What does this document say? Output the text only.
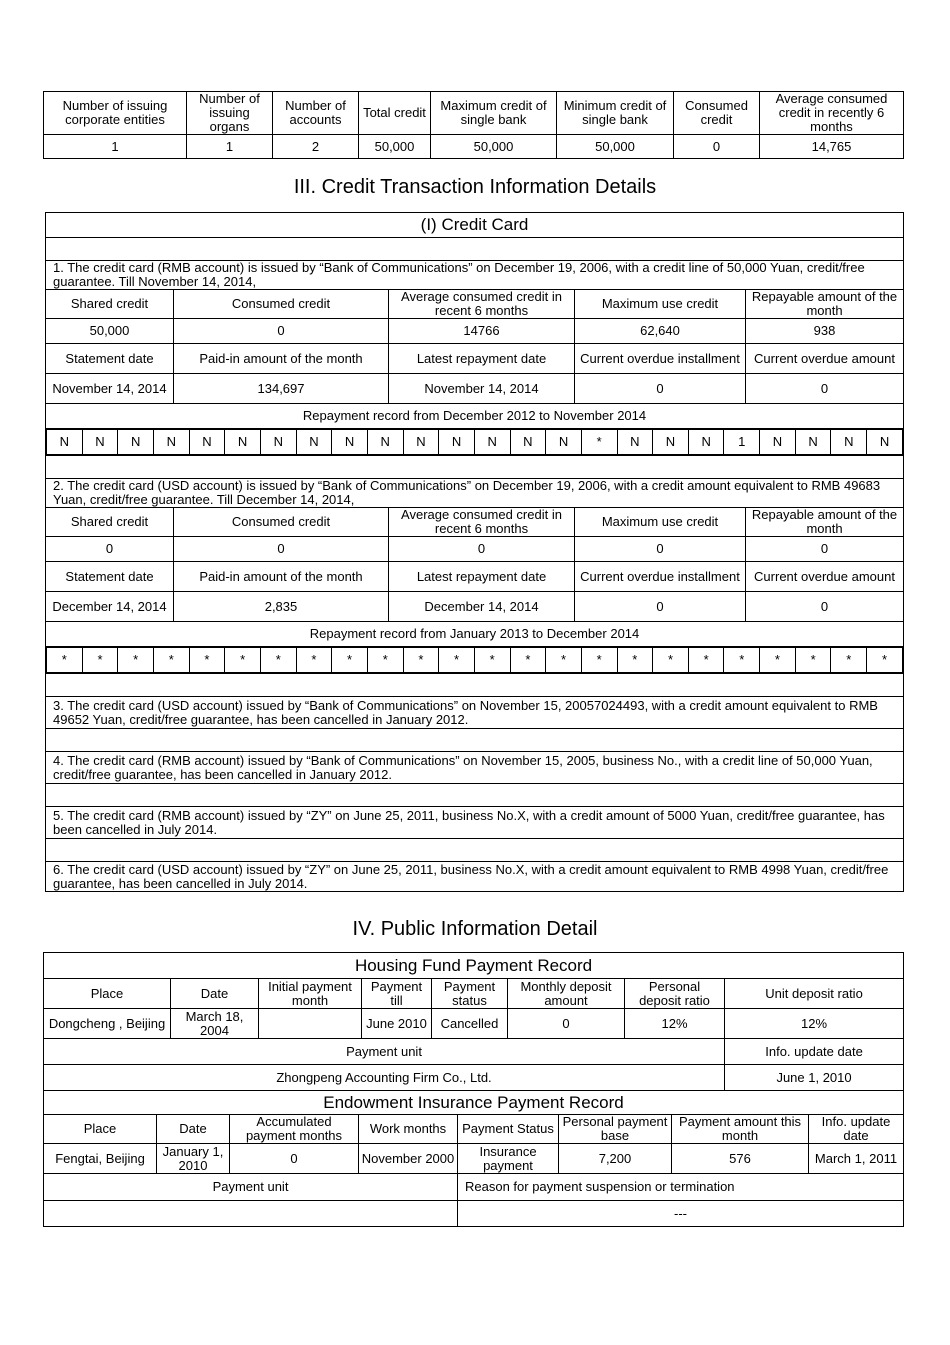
Number of issuing corporate entities	Number of issuing organs	Number of accounts	Total credit	Maximum credit of single bank	Minimum credit of single bank	Consumed credit	Average consumed credit in recently 6 months
1	1	2	50,000	50,000	50,000	0	14,765
III. Credit Transaction Information Details
(I) Credit Card

1. The credit card (RMB account) is issued by “Bank of Communications” on December 19, 2006, with a credit line of 50,000 Yuan, credit/free guarantee. Till November 14, 2014,
Shared credit	Consumed credit	Average consumed credit in recent 6 months	Maximum use credit	Repayable amount of the month
50,000	0	14766	62,640	938
Statement date	Paid-in amount of the month	Latest repayment date	Current overdue installment	Current overdue amount
November 14, 2014	134,697	November 14, 2014	0	0
Repayment record from December 2012 to November 2014

N	N	N	N	N	N	N	N	N	N	N	N	N	N	N	*	N	N	N	1	N	N	N	N

2. The credit card (USD account) is issued by “Bank of Communications” on December 19, 2006, with a credit amount equivalent to RMB 49683 Yuan, credit/free guarantee. Till December 14, 2014,
Shared credit	Consumed credit	Average consumed credit in recent 6 months	Maximum use credit	Repayable amount of the month
0	0	0	0	0
Statement date	Paid-in amount of the month	Latest repayment date	Current overdue installment	Current overdue amount
December 14, 2014	2,835	December 14, 2014	0	0
Repayment record from January 2013 to December 2014

*	*	*	*	*	*	*	*	*	*	*	*	*	*	*	*	*	*	*	*	*	*	*	*

3. The credit card (USD account) issued by “Bank of Communications” on November 15, 20057024493, with a credit amount equivalent to RMB 49652 Yuan, credit/free guarantee, has been cancelled in January 2012.

4. The credit card (RMB account) issued by “Bank of Communications” on November 15, 2005, business No., with a credit line of 50,000 Yuan, credit/free guarantee, has been cancelled in January 2012.

5. The credit card (RMB account) issued by “ZY” on June 25, 2011, business No.X, with a credit amount of 5000 Yuan, credit/free guarantee, has been cancelled in July 2014.

6. The credit card (USD account) issued by “ZY” on June 25, 2011, business No.X, with a credit amount equivalent to RMB 4998 Yuan, credit/free guarantee, has been cancelled in July 2014.
IV. Public Information Detail
Housing Fund Payment Record							
Place	Date	Initial payment month	Payment till	Payment status	Monthly deposit amount	Personal deposit ratio	Unit deposit ratio
Dongcheng , Beijing	March 18, 2004		June 2010	Cancelled	0	12%	12%
Payment unit							Info. update date
Zhongpeng Accounting Firm Co., Ltd.							June 1, 2010
Endowment Insurance Payment Record							
Place	Date	Accumulated payment months	Work months	Payment Status	Personal payment base	Payment amount this month	Info. update date
Fengtai, Beijing	January 1, 2010	0	November 2000	Insurance payment	7,200	576	March 1, 2011
Payment unit				Reason for payment suspension or termination			
				---			
